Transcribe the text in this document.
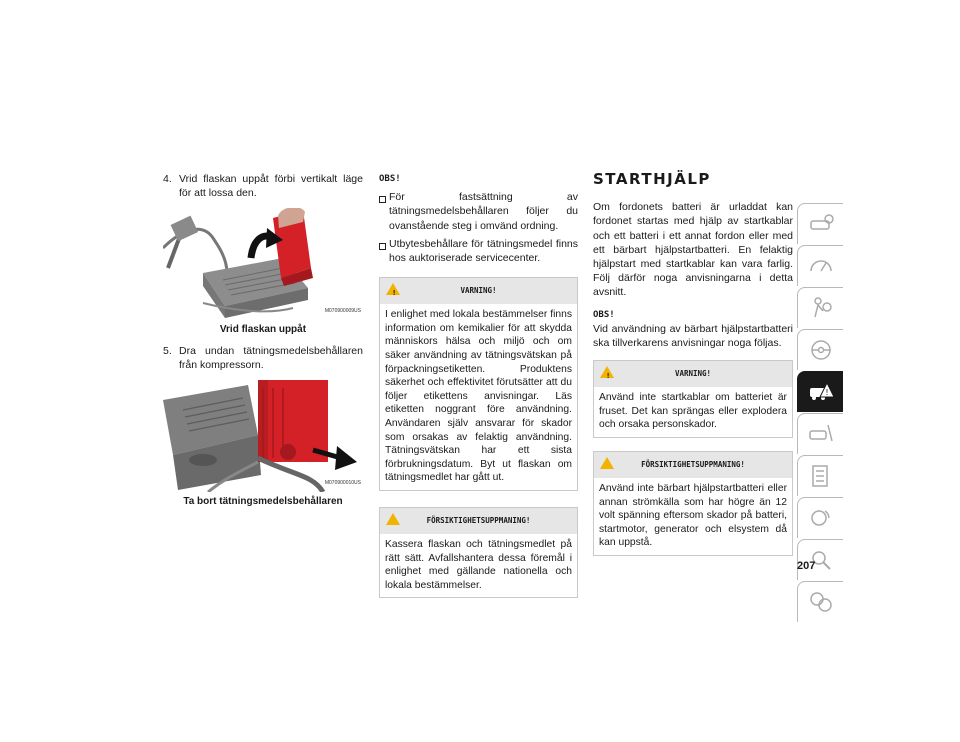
4. Vrid flaskan uppåt förbi vertikalt läge för att lossa den.
M070900009US
Vrid flaskan uppåt
5. Dra undan tätningsmedelsbehållaren från kompressorn.
M070900010US
Ta bort tätningsmedelsbehållaren
OBS!
För fastsättning av tätningsmedelsbehållaren följer du ovanstående steg i omvänd ordning.
Utbytesbehållare för tätningsmedel finns hos auktoriserade servicecenter.
!	VARNING!
I enlighet med lokala bestämmelser finns information om kemikalier för att skydda människors hälsa och miljö och om säker användning av tätningsvätskan på förpackningsetiketten. Produktens säkerhet och effektivitet förutsätter att du följer etikettens anvisningar. Läs etiketten noggrant före användning. Användaren själv ansvarar för skador som orsakas av felaktig användning. Tätningsvätskan har ett sista förbrukningsdatum. Byt ut flaskan om tätningsmedlet har gått ut.
FÖRSIKTIGHETSUPPMANING!
Kassera flaskan och tätningsmedlet på rätt sätt. Avfallshantera dessa föremål i enlighet med gällande nationella och lokala bestämmelser.
STARTHJÄLP

Om fordonets batteri är urladdat kan fordonet startas med hjälp av startkablar och ett batteri i ett annat fordon eller med ett bärbart hjälpstartbatteri. En felaktig hjälpstart med startkablar kan vara farlig. Följ därför noga anvisningarna i detta avsnitt.

OBS!

Vid användning av bärbart hjälpstartbatteri ska tillverkarens anvisningar noga följas.

!	VARNING!
Använd inte startkablar om batteriet är fruset. Det kan sprängas eller explodera och orsaka personskador.
FÖRSIKTIGHETSUPPMANING!
Använd inte bärbart hjälpstartbatteri eller annan strömkälla som har högre än 12 volt spänning eftersom skador på batteri, startmotor, generator och elsystem då kan uppstå.
!
207
